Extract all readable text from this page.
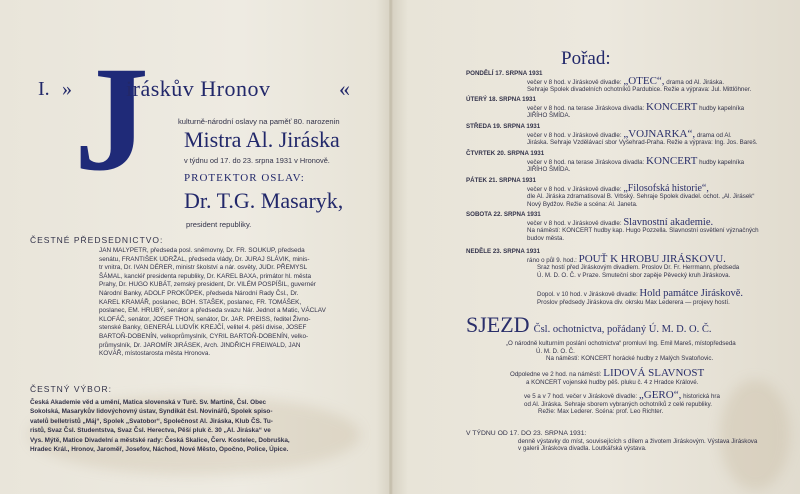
I. » J
iráskův Hronov	«
kulturně-národní oslavy na paměť 80. narozenin
Mistra Al. Jiráska
v týdnu od 17. do 23. srpna 1931 v Hronově.
PROTEKTOR OSLAV:
Dr. T.G. Masaryk,
president republiky.
ČESTNÉ PŘEDSEDNICTVO:
JAN MALYPETR, předseda posl. sněmovny, Dr. FR. SOUKUP, předseda
senátu, FRANTIŠEK UDRŽAL, předseda vlády, Dr. JURAJ SLÁVIK, minis-
tr vnitra, Dr. IVAN DÉRER, ministr školství a nár. osvěty, JUDr. PŘEMYSL
ŠÁMAL, kancléř presidenta republiky, Dr. KAREL BAXA, primátor hl. města
Prahy, Dr. HUGO KUBÁT, zemský president, Dr. VILÉM POSPÍŠIL, guvernér
Národní Banky, ADOLF PROKŮPEK, předseda Národní Rady Čsl., Dr.
KAREL KRAMÁŘ, poslanec, BOH. STAŠEK, poslanec, FR. TOMÁŠEK,
poslanec, EM. HRUBÝ, senátor a předseda svazu Nár. Jednot a Matic, VÁCLAV
KLOFÁČ, senátor, JOSEF THON, senátor, Dr. JAR. PREISS, ředitel Živno-
stenské Banky, GENERÁL LUDVÍK KREJČÍ, velitel 4. pěší divise, JOSEF
BARTOŇ-DOBENÍN, velkoprůmyslník, CYRIL BARTOŇ-DOBENÍN, velko-
průmyslník, Dr. JAROMÍR JIRÁSEK, Arch. JINDŘICH FREIWALD, JAN
KOVÁŘ, místostarosta města Hronova.
ČESTNÝ VÝBOR:
Česká Akademie věd a umění, Matica slovenská v Turč. Sv. Martině, Čsl. Obec
Sokolská, Masarykův lidovýchovný ústav, Syndikát čsl. Novinářů, Spolek spiso-
vatelů belletristů „Máj“, Spolek „Svatobor“, Společnost Al. Jiráska, Klub ČS. Tu-
ristů, Svaz Čsl. Studentstva, Svaz Čsl. Herectva, Pěší pluk č. 30 „Al. Jiráska“ ve
Vys. Mýtě, Matice Divadelní a městské rady: Česká Skalice, Červ. Kostelec, Dobruška,
Hradec Král., Hronov, Jaroměř, Josefov, Náchod, Nové Město, Opočno, Police, Úpice.
Pořad:
PONDĚLÍ 17. SRPNA 1931
večer v 8 hod. v Jiráskově divadle: „OTEC“, drama od Al. Jiráska.
Sehraje Spolek divadelních ochotníků Pardubice. Režie a výprava: Jul. Mittlöhner.
ÚTERÝ 18. SRPNA 1931
večer v 8 hod. na terase Jiráskova divadla: KONCERT hudby kapelníka
JIŘÍHO ŠMÍDA.
STŘEDA 19. SRPNA 1931
večer v 8 hod. v Jiráskově divadle: „VOJNARKA“, drama od Al.
Jiráska. Sehraje Vzdělávací sbor Vyšehrad-Praha. Režie a výprava: Ing. Jos. Bareš.
ČTVRTEK 20. SRPNA 1931
večer v 8 hod. na terase Jiráskova divadla: KONCERT hudby kapelníka
JIŘÍHO ŠMÍDA.
PÁTEK 21. SRPNA 1931
večer v 8 hod. v Jiráskově divadle: „Filosofská historie“,
dle Al. Jiráska zdramatisoval B. Vrbský. Sehraje Spolek divadel. ochot. „Al. Jirásek“
Nový Bydžov. Režie a scéna: Al. Janeta.
SOBOTA 22. SRPNA 1931
večer v 8 hod. v Jiráskově divadle: Slavnostní akademie.
Na náměstí: KONCERT hudby kap. Hugo Pozzella. Slavnostní osvětlení význačných
budov města.
NEDĚLE 23. SRPNA 1931
ráno o půl 9. hod.: POUŤ K HROBU JIRÁSKOVU.
Sraz hostí před Jiráskovým divadlem. Proslov Dr. Fr. Herrmann, předseda
Ú. M. D. O. Č. v Praze. Smuteční sbor zapěje Pěvecký kruh Jiráskova.
Dopol. v 10 hod. v Jiráskově divadle: Hold památce Jiráskově.
Proslov předsedy Jiráskova div. okrsku Max Lederera — projevy hostí.
SJEZD Čsl. ochotnictva, pořádaný Ú. M. D. O. Č.
„O národně kulturním poslání ochotnictva“ promluví Ing. Emil Mareš, místopředseda
Ú. M. D. O. Č.
Na náměstí: KONCERT horácké hudby z Malých Svatoňovic.
Odpoledne ve 2 hod. na náměstí: LIDOVÁ SLAVNOST
a KONCERT vojenské hudby pěš. pluku č. 4 z Hradce Králové.
ve 5 a v 7 hod. večer v Jiráskově divadle: „GERO“, historická hra
od Al. Jiráska. Sehraje sborem vybraných ochotníků z celé republiky.
Režie: Max Lederer. Scéna: prof. Leo Richter.
V TÝDNU OD 17. DO 23. SRPNA 1931:
denně výstavky do míst, souvisejících s dílem a životem Jiráskovým. Výstava Jiráskova
v galerii Jiráskova divadla. Loutkářská výstava.
